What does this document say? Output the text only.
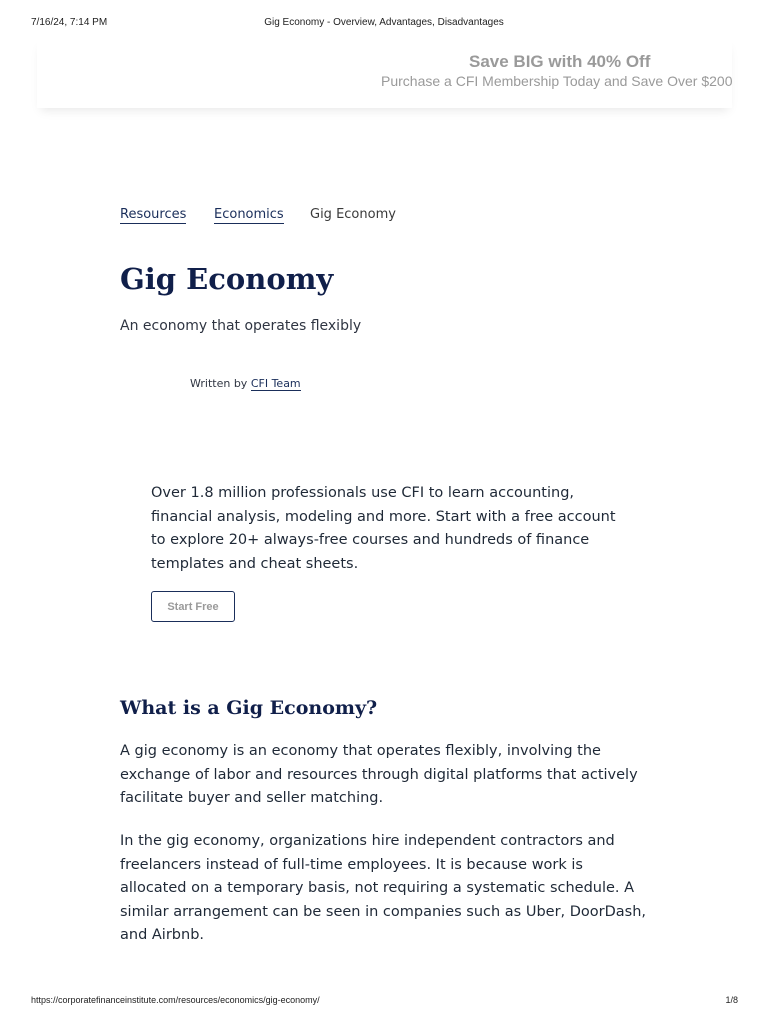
7/16/24, 7:14 PM	Gig Economy - Overview, Advantages, Disadvantages
Save BIG with 40% Off
Purchase a CFI Membership Today and Save Over $200
Resources Economics Gig Economy
Gig Economy

An economy that operates flexibly

Written by CFI Team

Over 1.8 million professionals use CFI to learn accounting, financial analysis, modeling and more. Start with a free account to explore 20+ always-free courses and hundreds of finance templates and cheat sheets.

Start Free
What is a Gig Economy?

A gig economy is an economy that operates flexibly, involving the exchange of labor and resources through digital platforms that actively facilitate buyer and seller matching.

In the gig economy, organizations hire independent contractors and freelancers instead of full-time employees. It is because work is allocated on a temporary basis, not requiring a systematic schedule. A similar arrangement can be seen in companies such as Uber, DoorDash, and Airbnb.

https://corporatefinanceinstitute.com/resources/economics/gig-economy/	1/8
